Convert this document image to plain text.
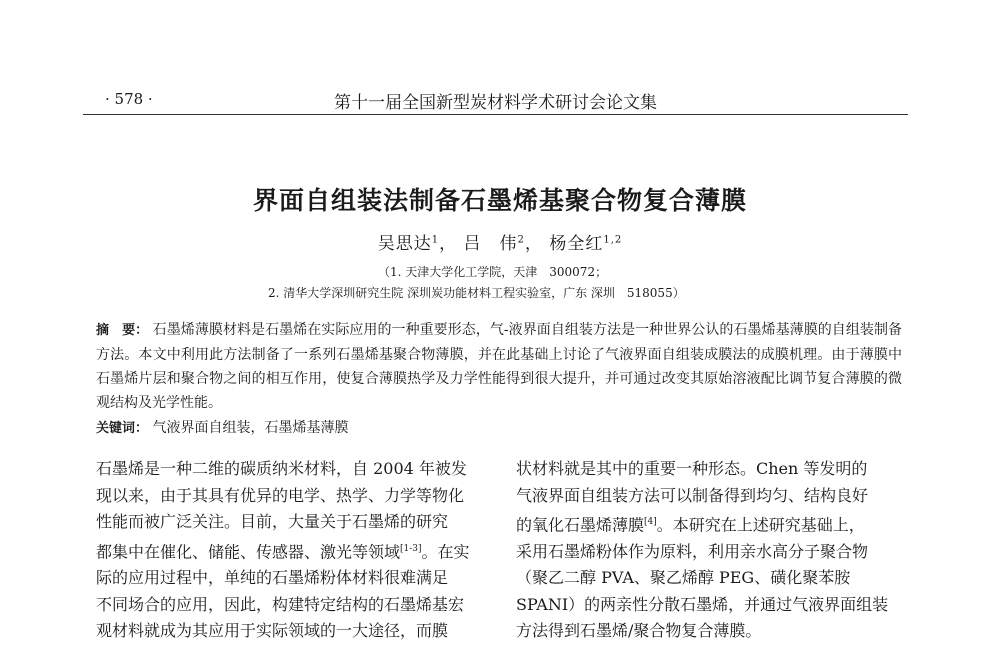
· 578 ·	第十一届全国新型炭材料学术研讨会论文集
界面自组装法制备石墨烯基聚合物复合薄膜
吴思达$^1$， 吕　伟$^2$， 杨全红$^{1,2}$
（1. 天津大学化工学院，天津　300072；
2. 清华大学深圳研究生院 深圳炭功能材料工程实验室，广东 深圳　518055）
摘　要： 石墨烯薄膜材料是石墨烯在实际应用的一种重要形态，气-液界面自组装方法是一种世界公认的石墨烯基薄膜的自组装制备方法。本文中利用此方法制备了一系列石墨烯基聚合物薄膜，并在此基础上讨论了气液界面自组装成膜法的成膜机理。由于薄膜中石墨烯片层和聚合物之间的相互作用，使复合薄膜热学及力学性能得到很大提升，并可通过改变其原始溶液配比调节复合薄膜的微观结构及光学性能。
关键词： 气液界面自组装，石墨烯基薄膜
石墨烯是一种二维的碳质纳米材料，自 2004 年被发
现以来，由于其具有优异的电学、热学、力学等物化
性能而被广泛关注。目前，大量关于石墨烯的研究
都集中在催化、储能、传感器、激光等领域[1-3]。在实
际的应用过程中，单纯的石墨烯粉体材料很难满足
不同场合的应用，因此，构建特定结构的石墨烯基宏
观材料就成为其应用于实际领域的一大途径，而膜
状材料就是其中的重要一种形态。Chen 等发明的
气液界面自组装方法可以制备得到均匀、结构良好
的氧化石墨烯薄膜[4]。本研究在上述研究基础上，
采用石墨烯粉体作为原料，利用亲水高分子聚合物
（聚乙二醇 PVA、聚乙烯醇 PEG、磺化聚苯胺
SPANI）的两亲性分散石墨烯，并通过气液界面组装
方法得到石墨烯/聚合物复合薄膜。
